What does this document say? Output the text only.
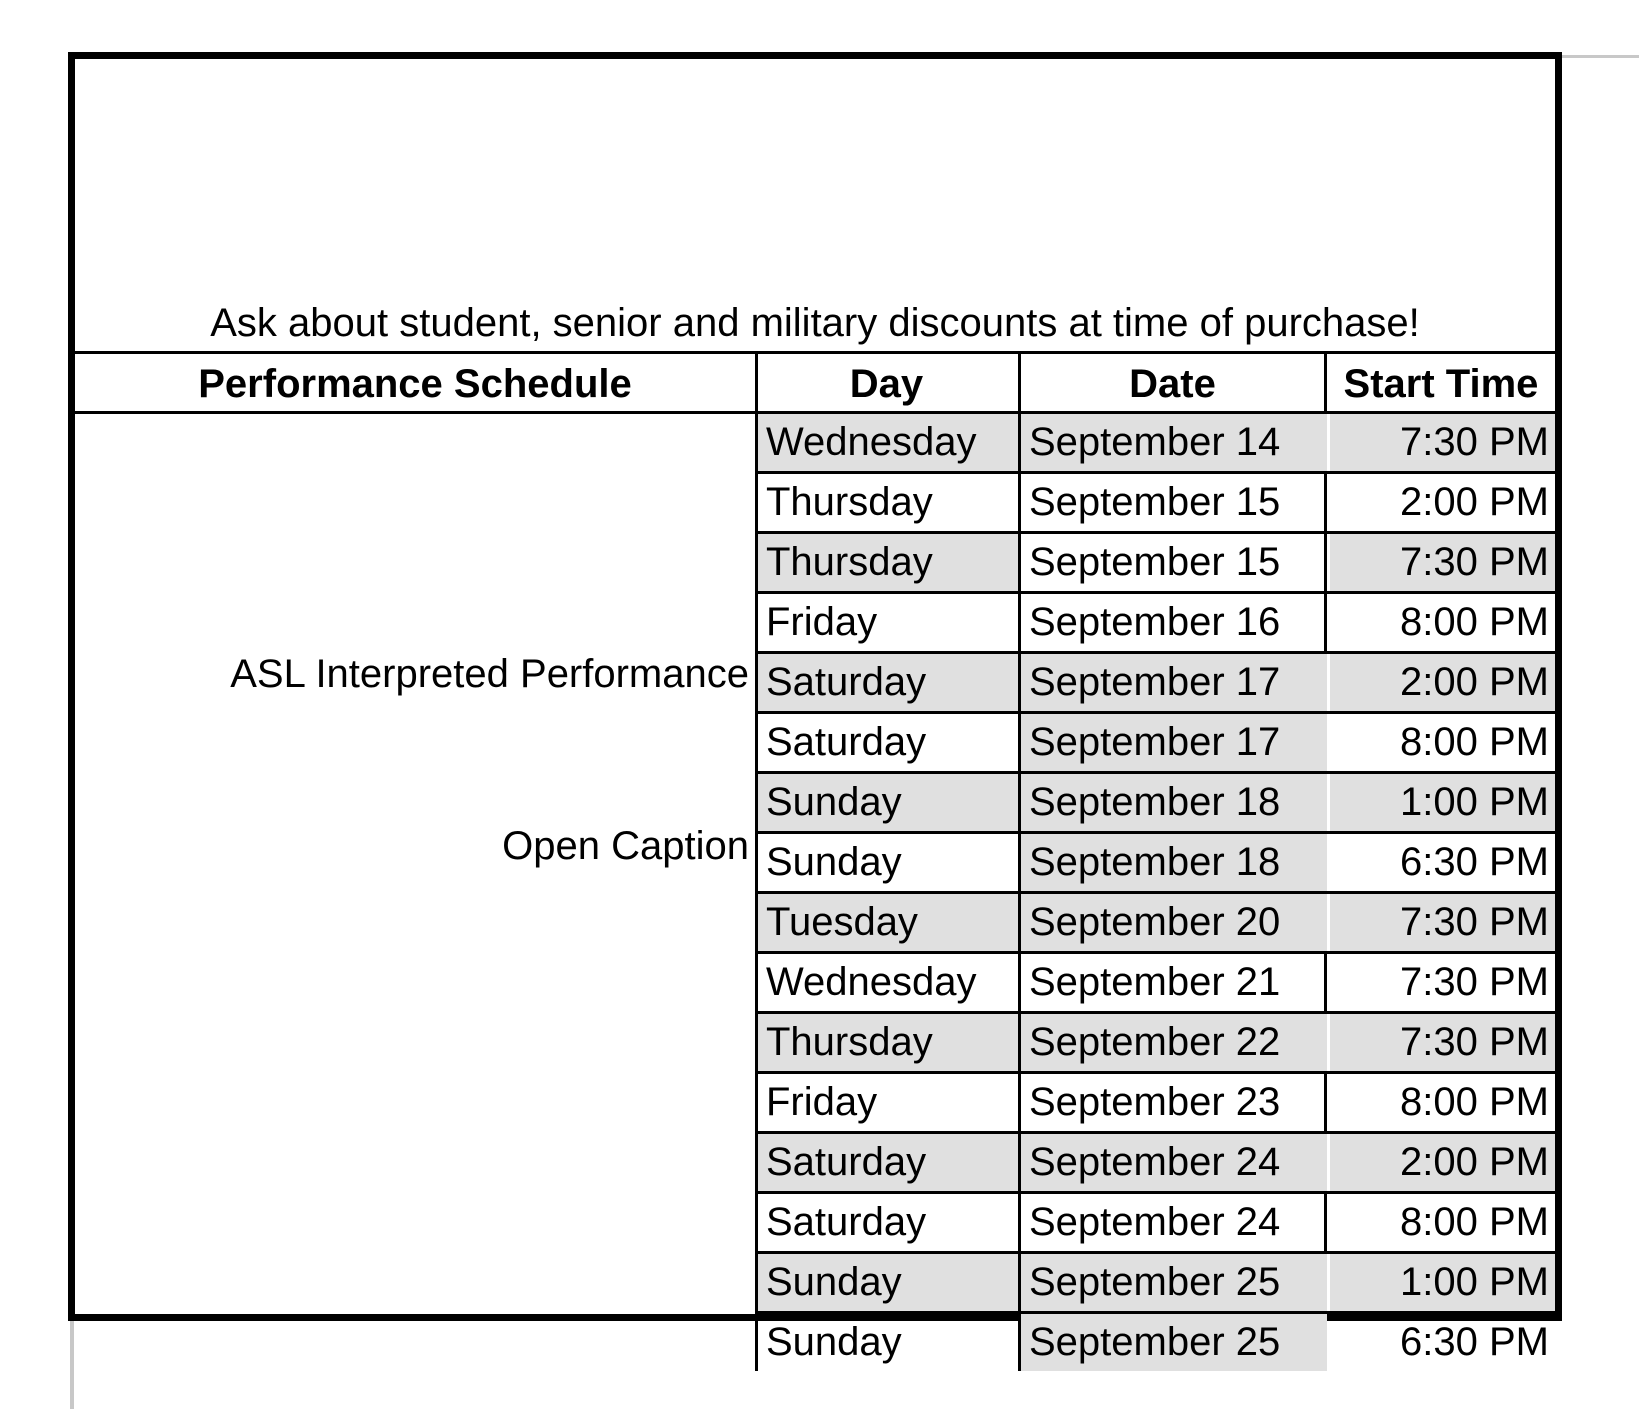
Ask about student, senior and military discounts at time of purchase!
Performance Schedule	Day	Date	Start Time
ASL Interpreted Performance
Open Caption
Wednesday	September 14	7:30 PM
Thursday	September 15	2:00 PM
Thursday	September 15	7:30 PM
Friday	September 16	8:00 PM
Saturday	September 17	2:00 PM
Saturday	September 17	8:00 PM
Sunday	September 18	1:00 PM
Sunday	September 18	6:30 PM
Tuesday	September 20	7:30 PM
Wednesday	September 21	7:30 PM
Thursday	September 22	7:30 PM
Friday	September 23	8:00 PM
Saturday	September 24	2:00 PM
Saturday	September 24	8:00 PM
Sunday	September 25	1:00 PM
Sunday	September 25	6:30 PM
